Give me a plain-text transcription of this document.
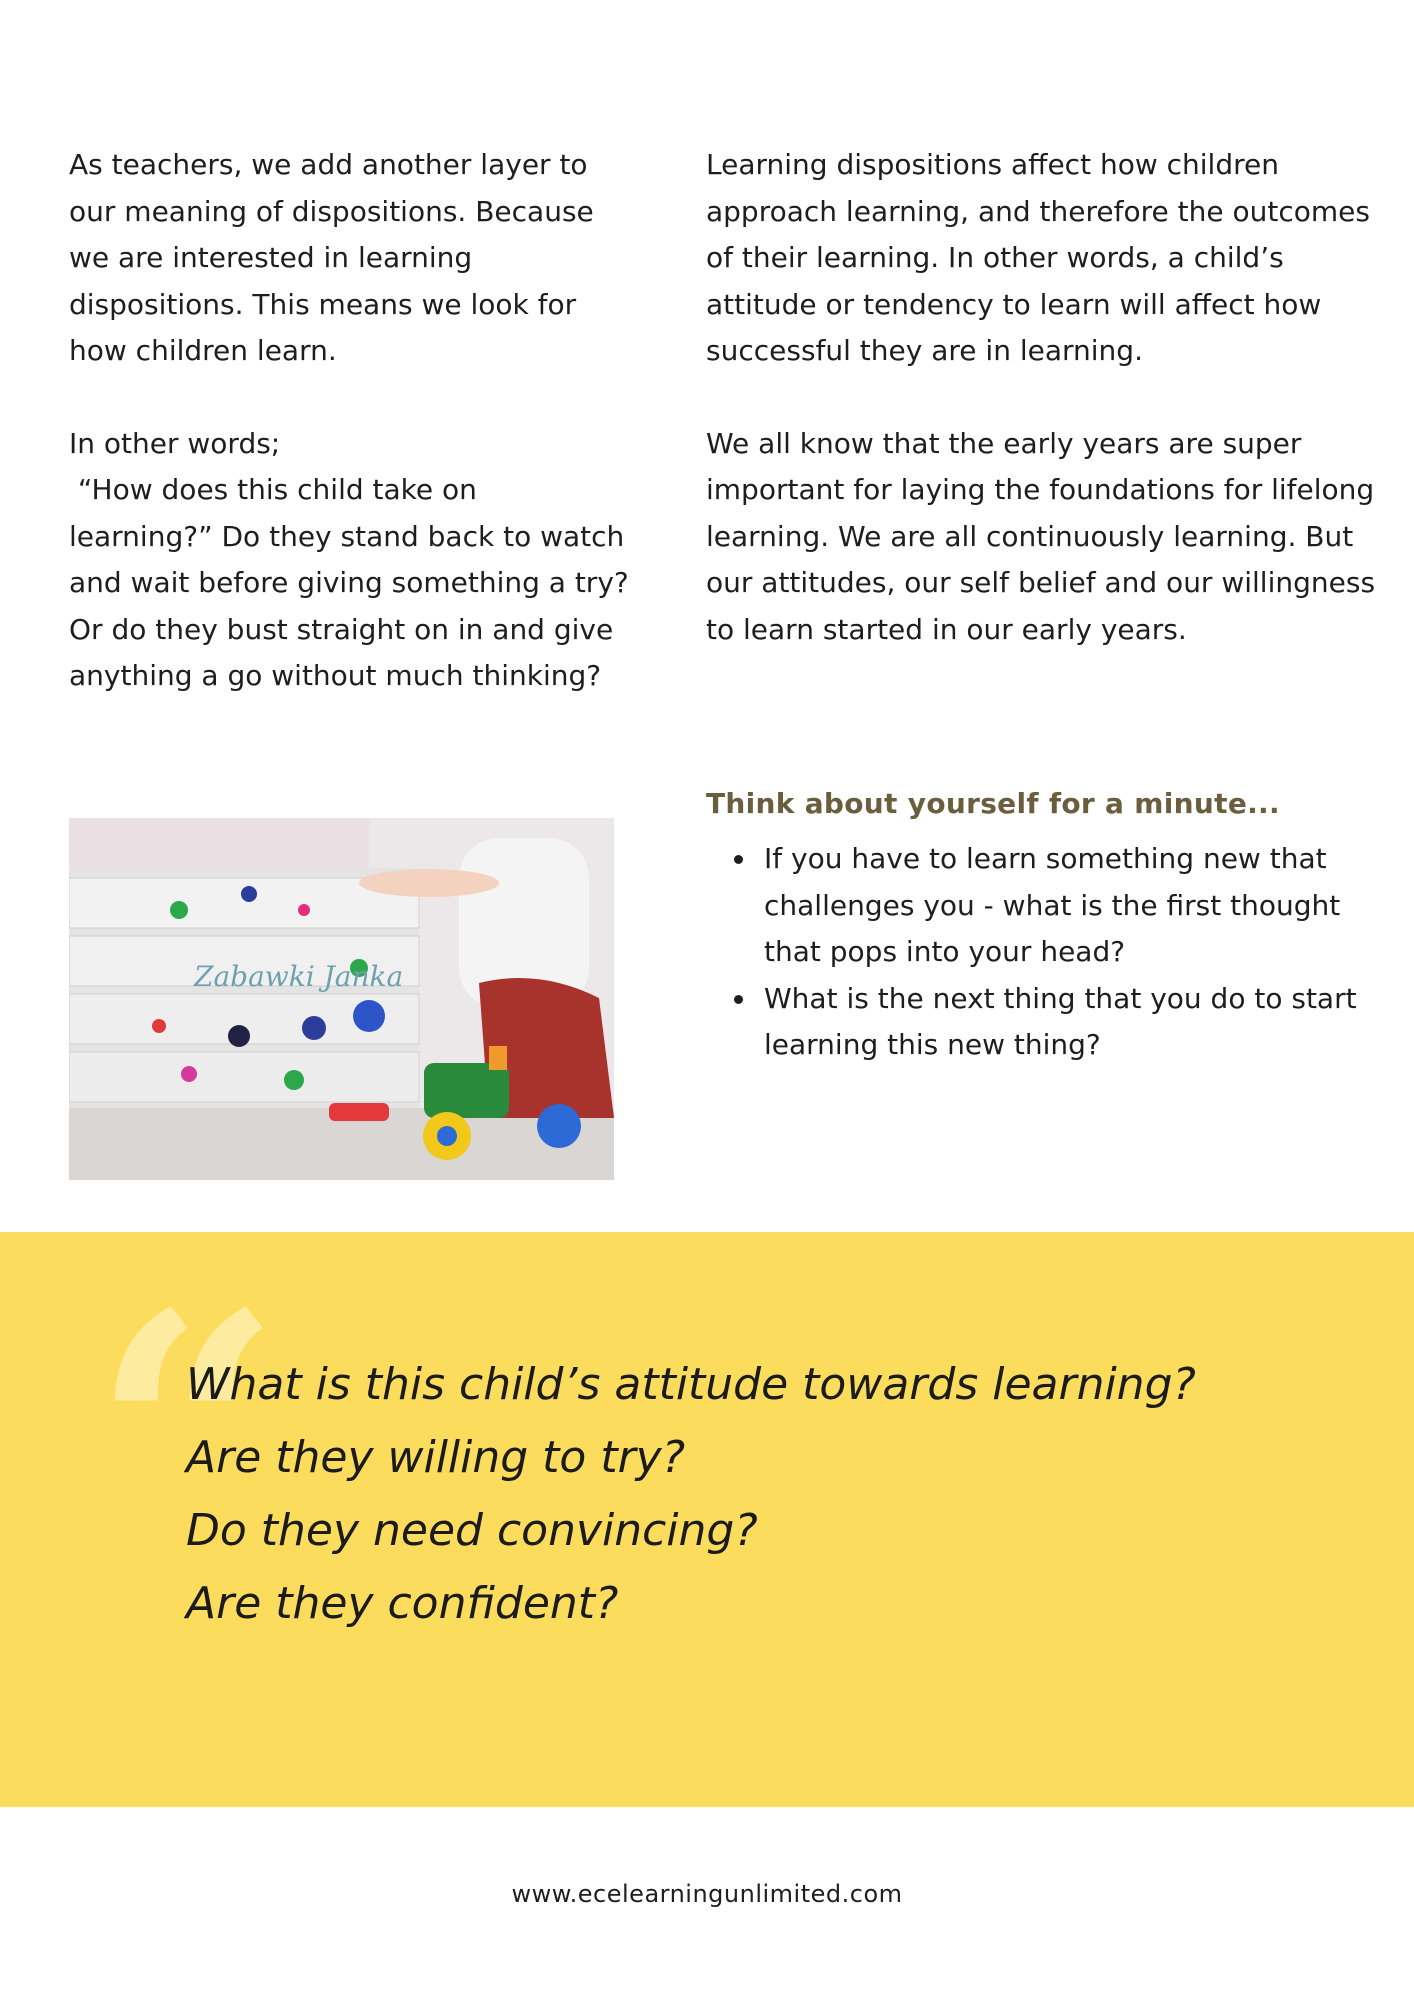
As teachers, we add another layer to our meaning of dispositions. Because we are interested in learning dispositions. This means we look for how children learn.

In other words;

“How does this child take on learning?” Do they stand back to watch and wait before giving something a try? Or do they bust straight on in and give anything a go without much thinking?

Learning dispositions affect how children approach learning, and therefore the outcomes of their learning. In other words, a child’s attitude or tendency to learn will affect how successful they are in learning.

We all know that the early years are super important for laying the foundations for lifelong learning. We are all continuously learning. But our attitudes, our self belief and our willingness to learn started in our early years.

Think about yourself for a minute...
If you have to learn something new that challenges you - what is the first thought that pops into your head?
What is the next thing that you do to start learning this new thing?
Zabawki Janka
“
What is this child’s attitude towards learning?
Are they willing to try?
Do they need convincing?
Are they confident?
www.ecelearningunlimited.com
